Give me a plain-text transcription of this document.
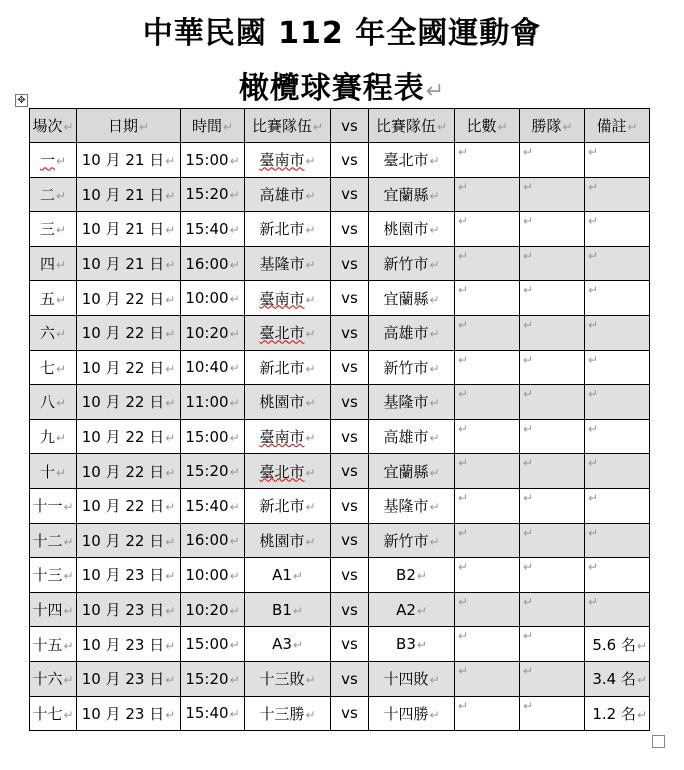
中華民國 112 年全國運動會
橄欖球賽程表↵
✥
場次↵	日期↵	時間↵	比賽隊伍↵	vs	比賽隊伍↵	比數↵	勝隊↵	備註↵
一↵	10 月 21 日↵	15:00↵	臺南市↵	vs	臺北市↵	↵	↵	↵

二↵	10 月 21 日↵	15:20↵	高雄市↵	vs	宜蘭縣↵	↵	↵	↵

三↵	10 月 21 日↵	15:40↵	新北市↵	vs	桃園市↵	↵	↵	↵

四↵	10 月 21 日↵	16:00↵	基隆市↵	vs	新竹市↵	↵	↵	↵

五↵	10 月 22 日↵	10:00↵	臺南市↵	vs	宜蘭縣↵	↵	↵	↵

六↵	10 月 22 日↵	10:20↵	臺北市↵	vs	高雄市↵	↵	↵	↵

七↵	10 月 22 日↵	10:40↵	新北市↵	vs	新竹市↵	↵	↵	↵

八↵	10 月 22 日↵	11:00↵	桃園市↵	vs	基隆市↵	↵	↵	↵

九↵	10 月 22 日↵	15:00↵	臺南市↵	vs	高雄市↵	↵	↵	↵

十↵	10 月 22 日↵	15:20↵	臺北市↵	vs	宜蘭縣↵	↵	↵	↵

十一↵	10 月 22 日↵	15:40↵	新北市↵	vs	基隆市↵	↵	↵	↵

十二↵	10 月 22 日↵	16:00↵	桃園市↵	vs	新竹市↵	↵	↵	↵

十三↵	10 月 23 日↵	10:00↵	A1↵	vs	B2↵	↵	↵	↵

十四↵	10 月 23 日↵	10:20↵	B1↵	vs	A2↵	↵	↵	↵

十五↵	10 月 23 日↵	15:00↵	A3↵	vs	B3↵	↵	↵	5.6 名↵
十六↵	10 月 23 日↵	15:20↵	十三敗↵	vs	十四敗↵	↵	↵	3.4 名↵
十七↵	10 月 23 日↵	15:40↵	十三勝↵	vs	十四勝↵	↵	↵	1.2 名↵
